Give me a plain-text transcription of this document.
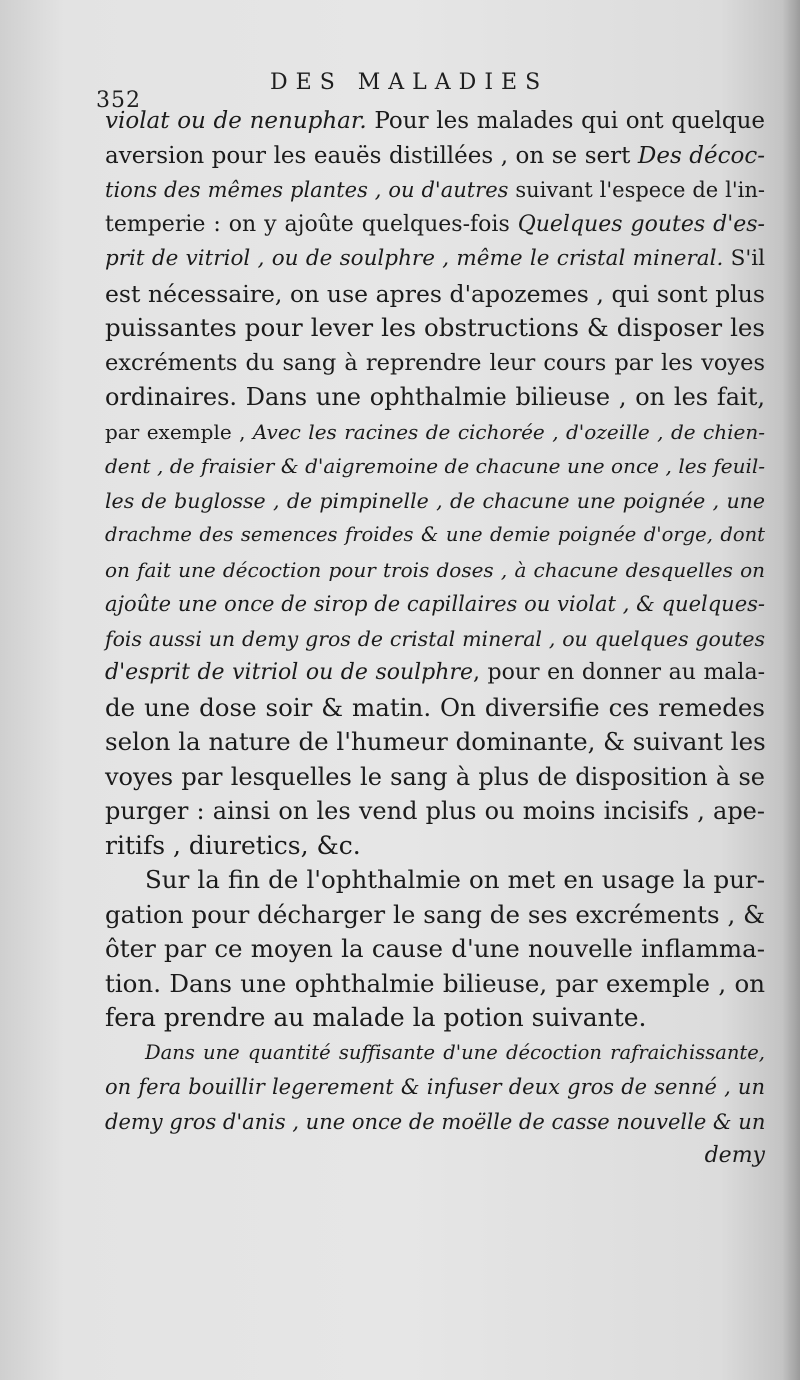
352
DES MALADIES
violat ou de nenuphar. Pour les malades qui ont quelque
aversion pour les eauës distillées , on se sert Des décoc-
tions des mêmes plantes , ou d'autres suivant l'espece de l'in-
temperie : on y ajoûte quelques-fois Quelques goutes d'es-
prit de vitriol , ou de soulphre , même le cristal mineral. S'il
est nécessaire, on use apres d'apozemes , qui sont plus
puissantes pour lever les obstructions & disposer les
excréments du sang à reprendre leur cours par les voyes
ordinaires. Dans une ophthalmie bilieuse , on les fait,
par exemple , Avec les racines de cichorée , d'ozeille , de chien-
dent , de fraisier & d'aigremoine de chacune une once , les feuil-
les de buglosse , de pimpinelle , de chacune une poignée , une
drachme des semences froides & une demie poignée d'orge, dont
on fait une décoction pour trois doses , à chacune desquelles on
ajoûte une once de sirop de capillaires ou violat , & quelques-
fois aussi un demy gros de cristal mineral , ou quelques goutes
d'esprit de vitriol ou de soulphre, pour en donner au mala-
de une dose soir & matin. On diversifie ces remedes
selon la nature de l'humeur dominante, & suivant les
voyes par lesquelles le sang à plus de disposition à se
purger : ainsi on les vend plus ou moins incisifs , ape-
ritifs , diuretics, &c.
Sur la fin de l'ophthalmie on met en usage la pur-
gation pour décharger le sang de ses excréments , &
ôter par ce moyen la cause d'une nouvelle inflamma-
tion. Dans une ophthalmie bilieuse, par exemple , on
fera prendre au malade la potion suivante.
Dans une quantité suffisante d'une décoction rafraichissante,
on fera bouillir legerement & infuser deux gros de senné , un
demy gros d'anis , une once de moëlle de casse nouvelle & un
demy
